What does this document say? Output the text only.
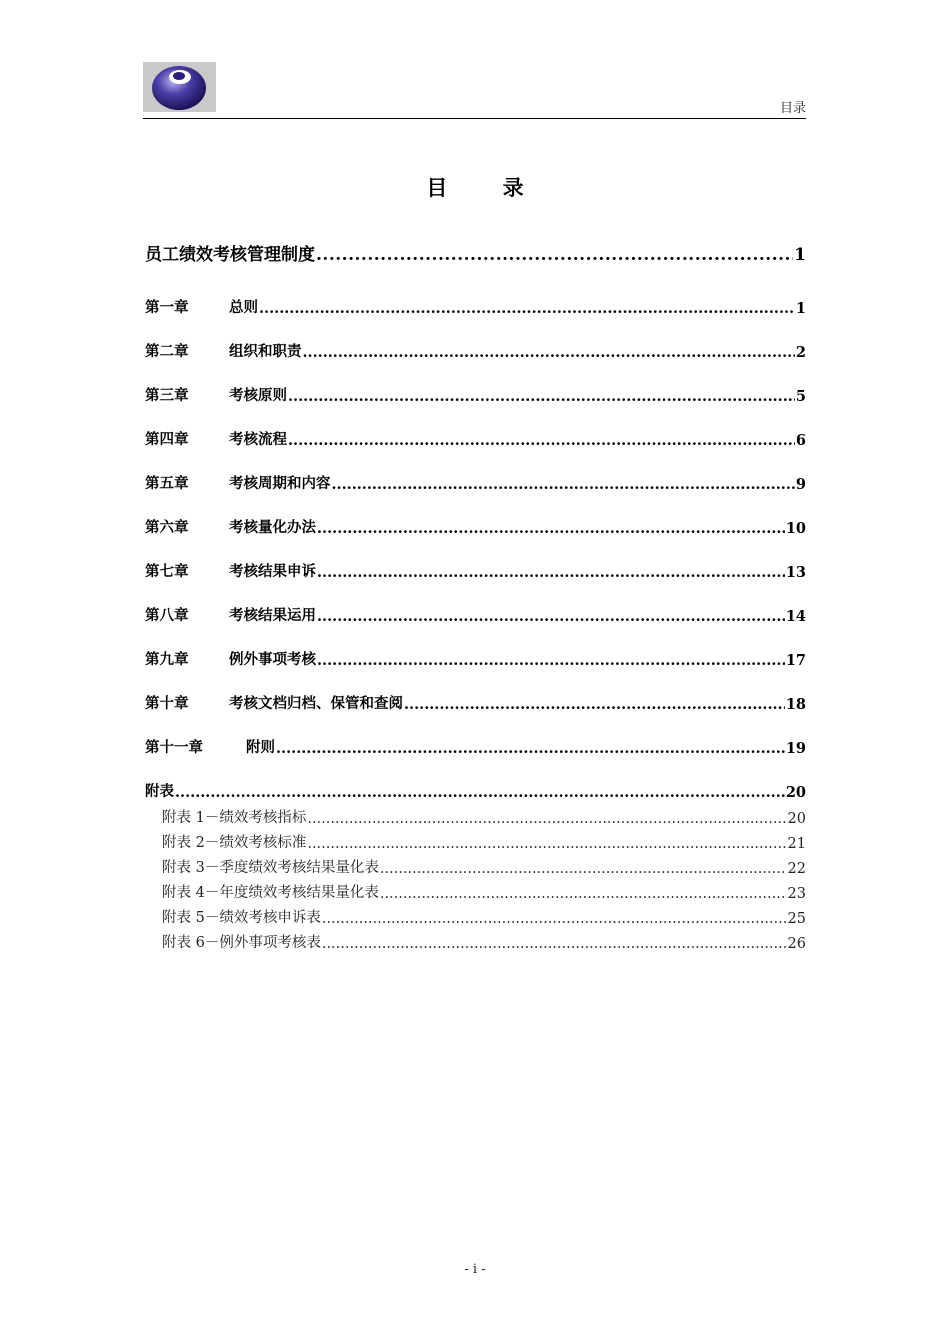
目录
目 录
员工绩效考核管理制度 .....	1
第一章	总则 .....	1
第二章	组织和职责 .....	2
第三章	考核原则 .....	5
第四章	考核流程 .....	6
第五章	考核周期和内容 .....	9
第六章	考核量化办法 .....	10
第七章	考核结果申诉 .....	13
第八章	考核结果运用 .....	14
第九章	例外事项考核 .....	17
第十章	考核文档归档、保管和查阅 .....	18
第十一章	附则 .....	19
附表 .....	20
附表 1－绩效考核指标 .....	20
附表 2－绩效考核标准 .....	21
附表 3－季度绩效考核结果量化表 .....	22
附表 4－年度绩效考核结果量化表 .....	23
附表 5－绩效考核申诉表 .....	25
附表 6－例外事项考核表 .....	26
- i -
